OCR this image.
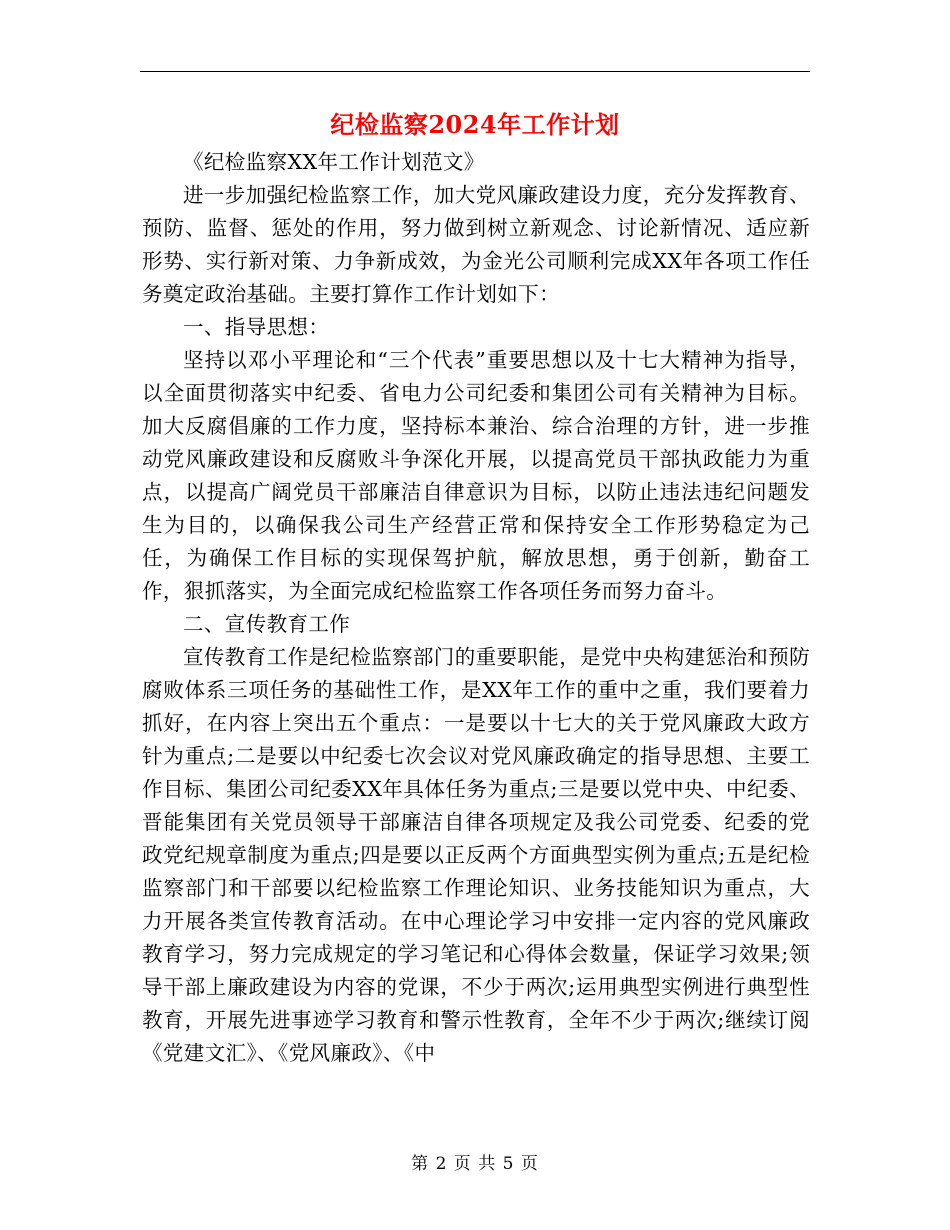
纪检监察2024年工作计划

《纪检监察XX年工作计划范文》

进一步加强纪检监察工作，加大党风廉政建设力度，充分发挥教育、预防、监督、惩处的作用，努力做到树立新观念、讨论新情况、适应新形势、实行新对策、力争新成效，为金光公司顺利完成XX年各项工作任务奠定政治基础。主要打算作工作计划如下：

一、指导思想：

坚持以邓小平理论和“三个代表”重要思想以及十七大精神为指导，以全面贯彻落实中纪委、省电力公司纪委和集团公司有关精神为目标。加大反腐倡廉的工作力度，坚持标本兼治、综合治理的方针，进一步推动党风廉政建设和反腐败斗争深化开展，以提高党员干部执政能力为重点，以提高广阔党员干部廉洁自律意识为目标，以防止违法违纪问题发生为目的，以确保我公司生产经营正常和保持安全工作形势稳定为己任，为确保工作目标的实现保驾护航，解放思想，勇于创新，勤奋工作，狠抓落实，为全面完成纪检监察工作各项任务而努力奋斗。

二、宣传教育工作

宣传教育工作是纪检监察部门的重要职能，是党中央构建惩治和预防腐败体系三项任务的基础性工作，是XX年工作的重中之重，我们要着力抓好，在内容上突出五个重点：一是要以十七大的关于党风廉政大政方针为重点;二是要以中纪委七次会议对党风廉政确定的指导思想、主要工作目标、集团公司纪委XX年具体任务为重点;三是要以党中央、中纪委、晋能集团有关党员领导干部廉洁自律各项规定及我公司党委、纪委的党政党纪规章制度为重点;四是要以正反两个方面典型实例为重点;五是纪检监察部门和干部要以纪检监察工作理论知识、业务技能知识为重点，大力开展各类宣传教育活动。在中心理论学习中安排一定内容的党风廉政教育学习，努力完成规定的学习笔记和心得体会数量，保证学习效果;领导干部上廉政建设为内容的党课，不少于两次;运用典型实例进行典型性教育，开展先进事迹学习教育和警示性教育，全年不少于两次;继续订阅《党建文汇》、《党风廉政》、《中

第 2 页 共 5 页
